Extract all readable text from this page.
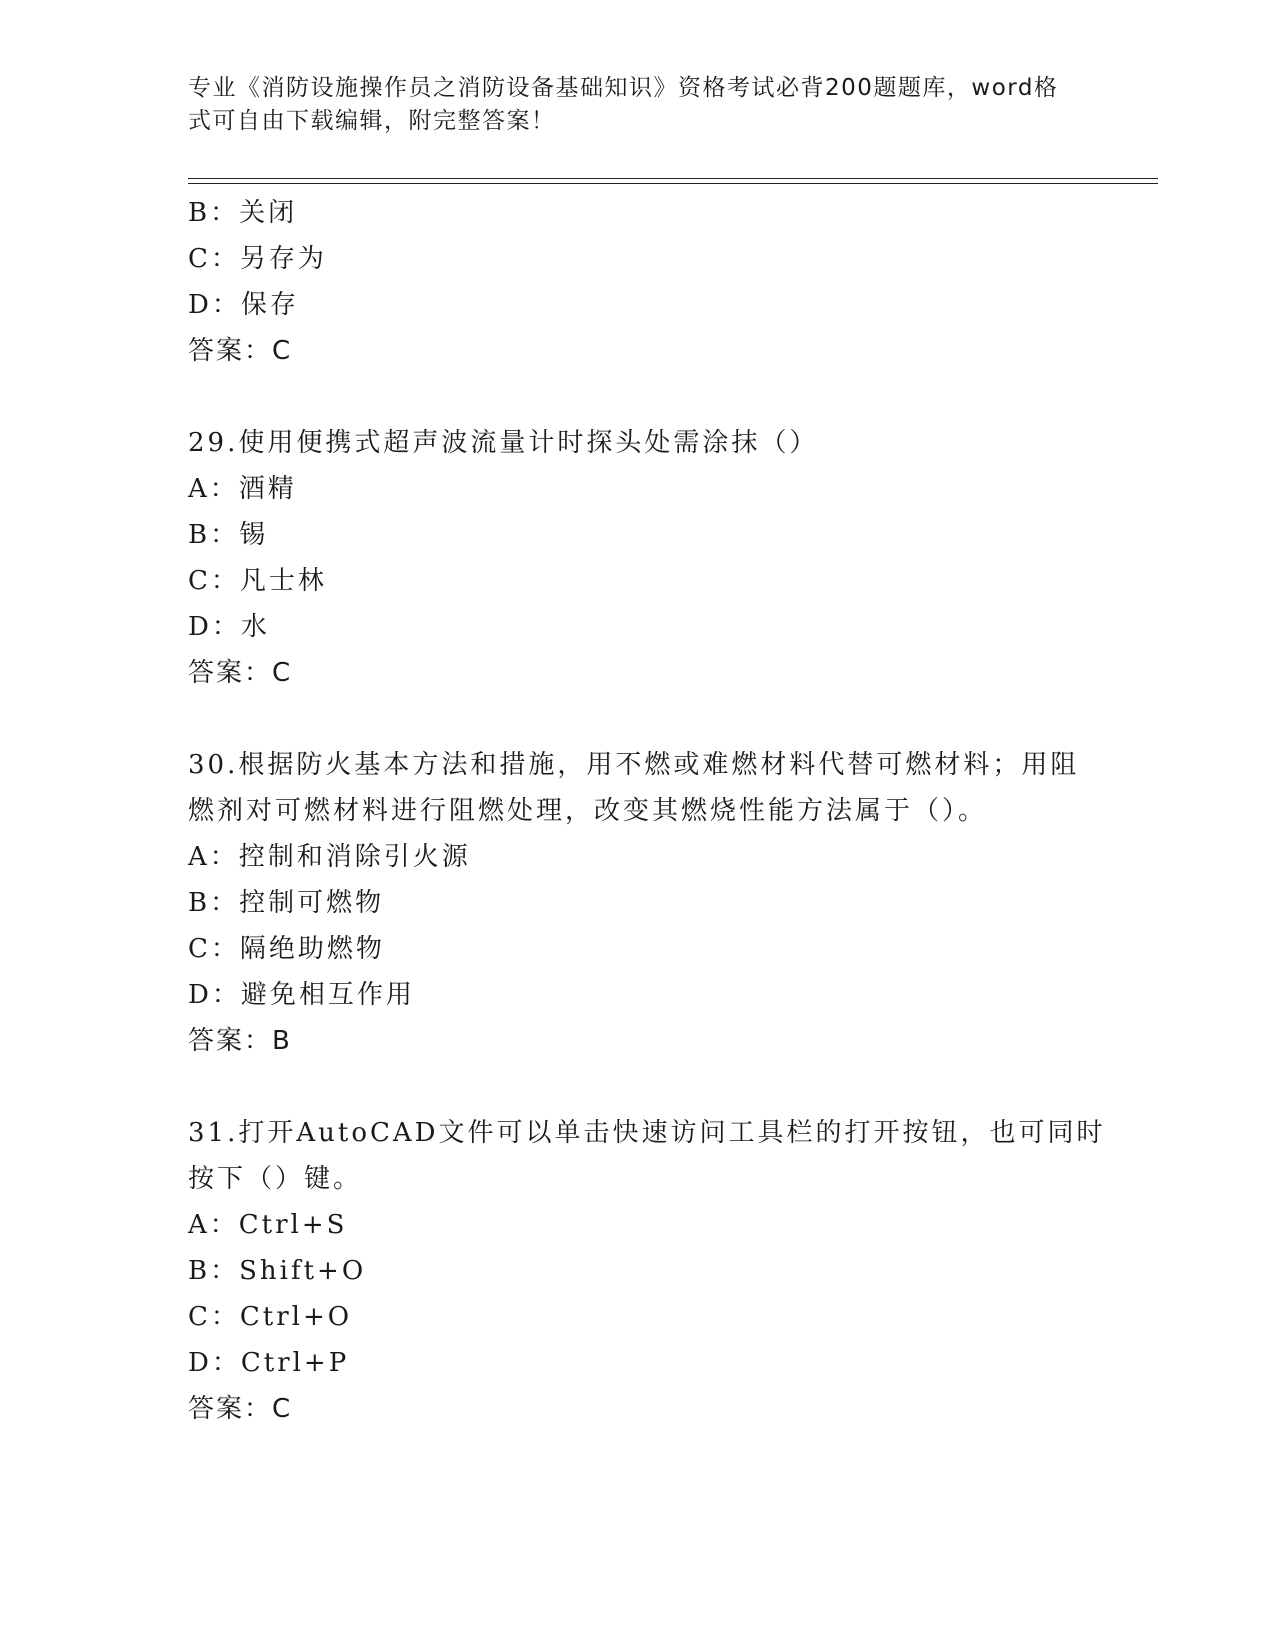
专业《消防设施操作员之消防设备基础知识》资格考试必背200题题库，word格
式可自由下载编辑，附完整答案！
B：关闭
C：另存为
D：保存
答案：C
29.使用便携式超声波流量计时探头处需涂抹（）
A：酒精
B：锡
C：凡士林
D：水
答案：C
30.根据防火基本方法和措施，用不燃或难燃材料代替可燃材料；用阻
燃剂对可燃材料进行阻燃处理，改变其燃烧性能方法属于（）。
A：控制和消除引火源
B：控制可燃物
C：隔绝助燃物
D：避免相互作用
答案：B
31.打开AutoCAD文件可以单击快速访问工具栏的打开按钮，也可同时
按下（）键。
A：Ctrl+S
B：Shift+O
C：Ctrl+O
D：Ctrl+P
答案：C
